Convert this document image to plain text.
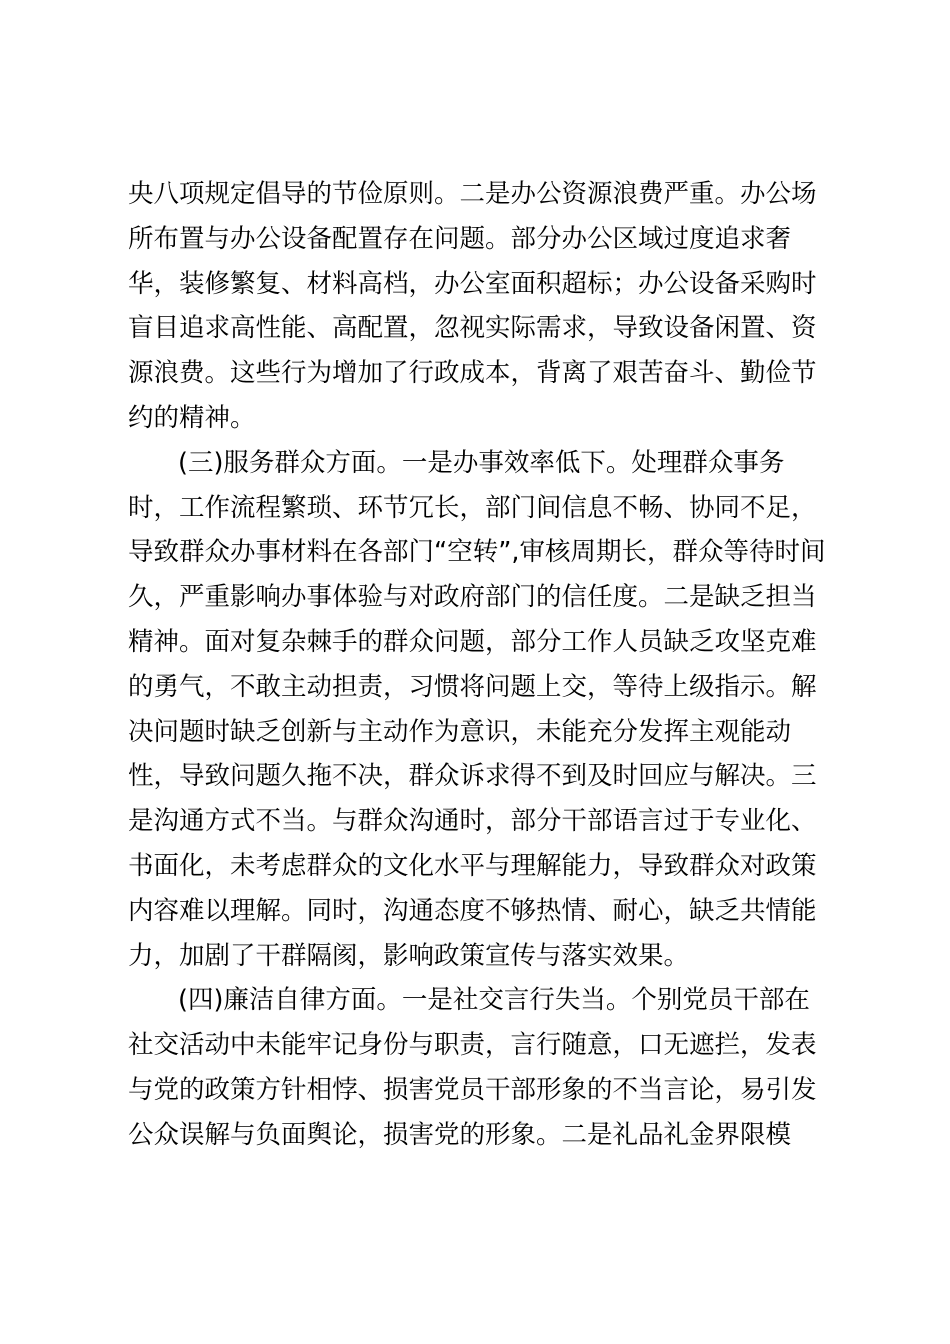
央八项规定倡导的节俭原则。二是办公资源浪费严重。办公场
所布置与办公设备配置存在问题。部分办公区域过度追求奢
华，装修繁复、材料高档，办公室面积超标；办公设备采购时
盲目追求高性能、高配置，忽视实际需求，导致设备闲置、资
源浪费。这些行为增加了行政成本，背离了艰苦奋斗、勤俭节
约的精神。
(三)服务群众方面。一是办事效率低下。处理群众事务
时，工作流程繁琐、环节冗长，部门间信息不畅、协同不足，
导致群众办事材料在各部门“空转”,审核周期长，群众等待时间
久，严重影响办事体验与对政府部门的信任度。二是缺乏担当
精神。面对复杂棘手的群众问题，部分工作人员缺乏攻坚克难
的勇气，不敢主动担责，习惯将问题上交，等待上级指示。解
决问题时缺乏创新与主动作为意识，未能充分发挥主观能动
性，导致问题久拖不决，群众诉求得不到及时回应与解决。三
是沟通方式不当。与群众沟通时，部分干部语言过于专业化、
书面化，未考虑群众的文化水平与理解能力，导致群众对政策
内容难以理解。同时，沟通态度不够热情、耐心，缺乏共情能
力，加剧了干群隔阂，影响政策宣传与落实效果。
(四)廉洁自律方面。一是社交言行失当。个别党员干部在
社交活动中未能牢记身份与职责，言行随意，口无遮拦，发表
与党的政策方针相悖、损害党员干部形象的不当言论，易引发
公众误解与负面舆论，损害党的形象。二是礼品礼金界限模
